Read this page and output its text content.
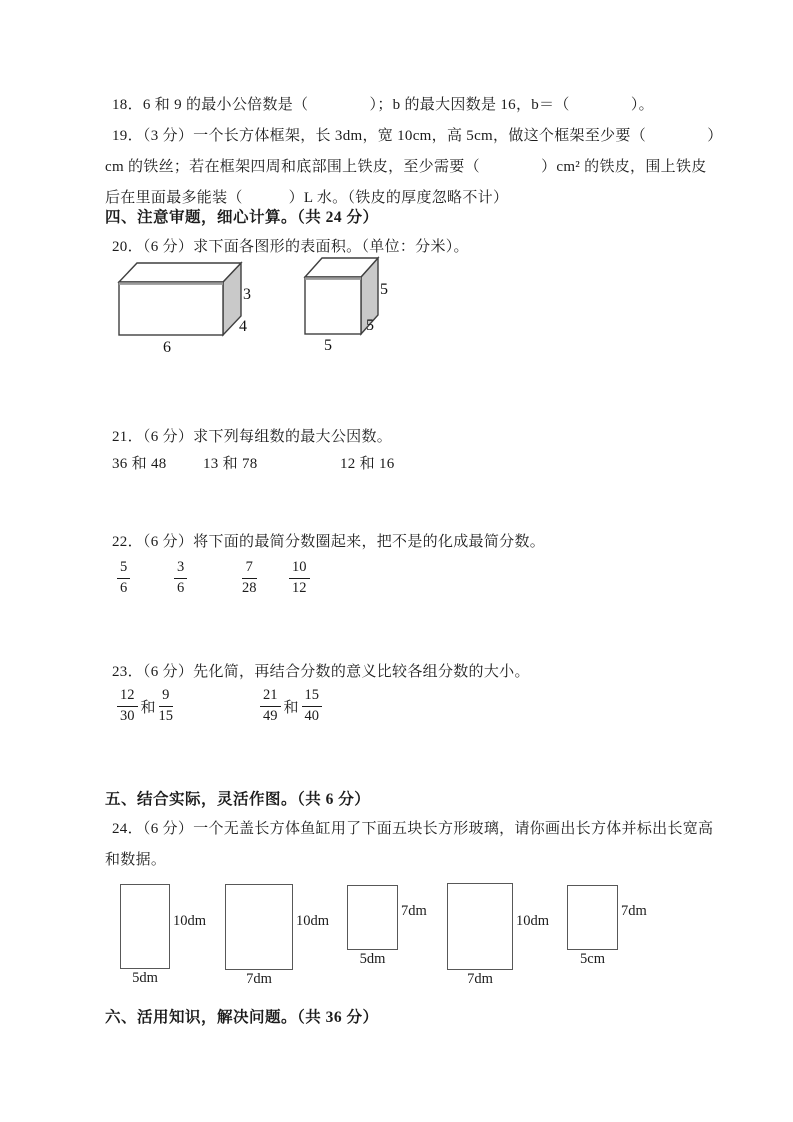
18．6 和 9 的最小公倍数是（　　　　）；b 的最大因数是 16，b＝（　　　　）。
19．（3 分）一个长方体框架，长 3dm，宽 10cm，高 5cm，做这个框架至少要（　　　　）
cm 的铁丝；若在框架四周和底部围上铁皮，至少需要（　　　　）cm² 的铁皮，围上铁皮
后在里面最多能装（　　　）L 水。（铁皮的厚度忽略不计）
四、注意审题，细心计算。（共 24 分）
20．（6 分）求下面各图形的表面积。（单位：分米）。
3
4
6
5
5
5
21．（6 分）求下列每组数的最大公因数。
36 和 48 13 和 78	12 和 16
22．（6 分）将下面的最简分数圈起来，把不是的化成最简分数。
$\frac{5}{6}$	$\frac{3}{6}$	$\frac{7}{28} \frac{10}{12}$
23．（6 分）先化简，再结合分数的意义比较各组分数的大小。
$\frac{12}{30}$ 和 $\frac{9}{15}$	$\frac{21}{49}$ 和 $\frac{15}{40}$
五、结合实际，灵活作图。（共 6 分）
24．（6 分）一个无盖长方体鱼缸用了下面五块长方形玻璃，请你画出长方体并标出长宽高
和数据。
10dm
5dm
10dm
7dm
7dm
5dm
10dm
7dm
7dm
5cm
六、活用知识，解决问题。（共 36 分）
